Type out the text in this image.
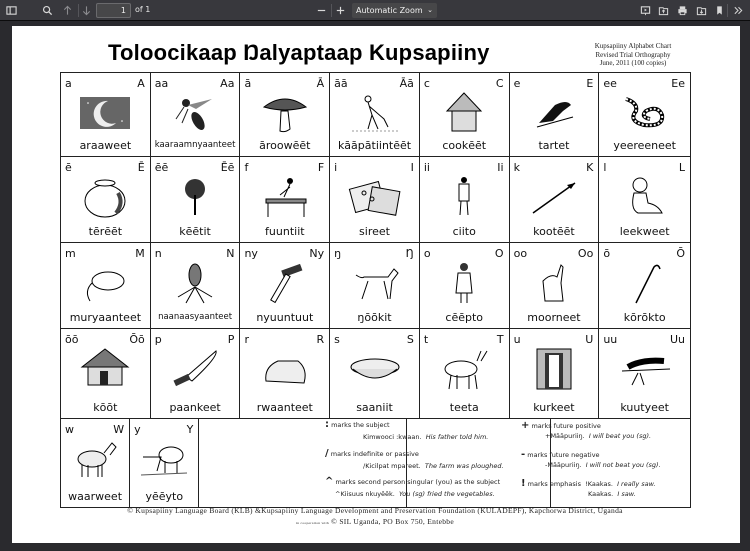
1	of 1	Automatic Zoom ⌄
Toloocikaap Ŋalyaptaap Kupsapiiny	Kupsapiiny Alphabet Chart
Revised Trial Orthography
June, 2011 (100 copies)
a	A
araaweet
aa	Aa
kaaraamnyaanteet
ā	Ā
āroowēēt
āā	Āā
kāāpātiintēēt
c	C
cookēēt
e	E
tartet
ee	Ee
yeereeneet
ē	Ē
tērēēt
ēē	Ēē
kēētit
f	F
fuuntiit
i	I
sireet
ii	Ii
ciito
k	K
kootēēt
l	L
leekweet
m	M
muryaanteet
n	N
naanaasyaanteet
ny	Ny
nyuuntuut
ŋ	Ŋ
ŋōōkit
o	O
cēēpto
oo	Oo
moorneet
ō	Ō
kōrōkto
ōō	Ōō
kōōt
p	P
paankeet
r	R
rwaanteet
s	S
saaniit
t	T
teeta
u	U
kurkeet
uu	Uu
kuutyeet
w	W
waarweet
y	Y
yēēyto
: marks the subject
Kimwooci :kwaan. His father told him.
/ marks indefinite or passive
/Kicilpat mpareet. The farm was ploughed.
^ marks second person singular (you) as the subject
^Kiisuus nkuyēēk. You (sg) fried the vegetables.
+ marks future positive
+Māāpuriiŋ. I will beat you (sg).
- marks future negative
-Māāpuriiŋ. I will not beat you (sg).
! marks emphasis !Kaakas. I really saw.
Kaakas. I saw.
© Kupsapiiny Language Board (KLB) &Kupsapiiny Language Development and Preservation Foundation (KULADEPF), Kapchorwa District, Uganda
in cooperation with © SIL Uganda, PO Box 750, Entebbe
